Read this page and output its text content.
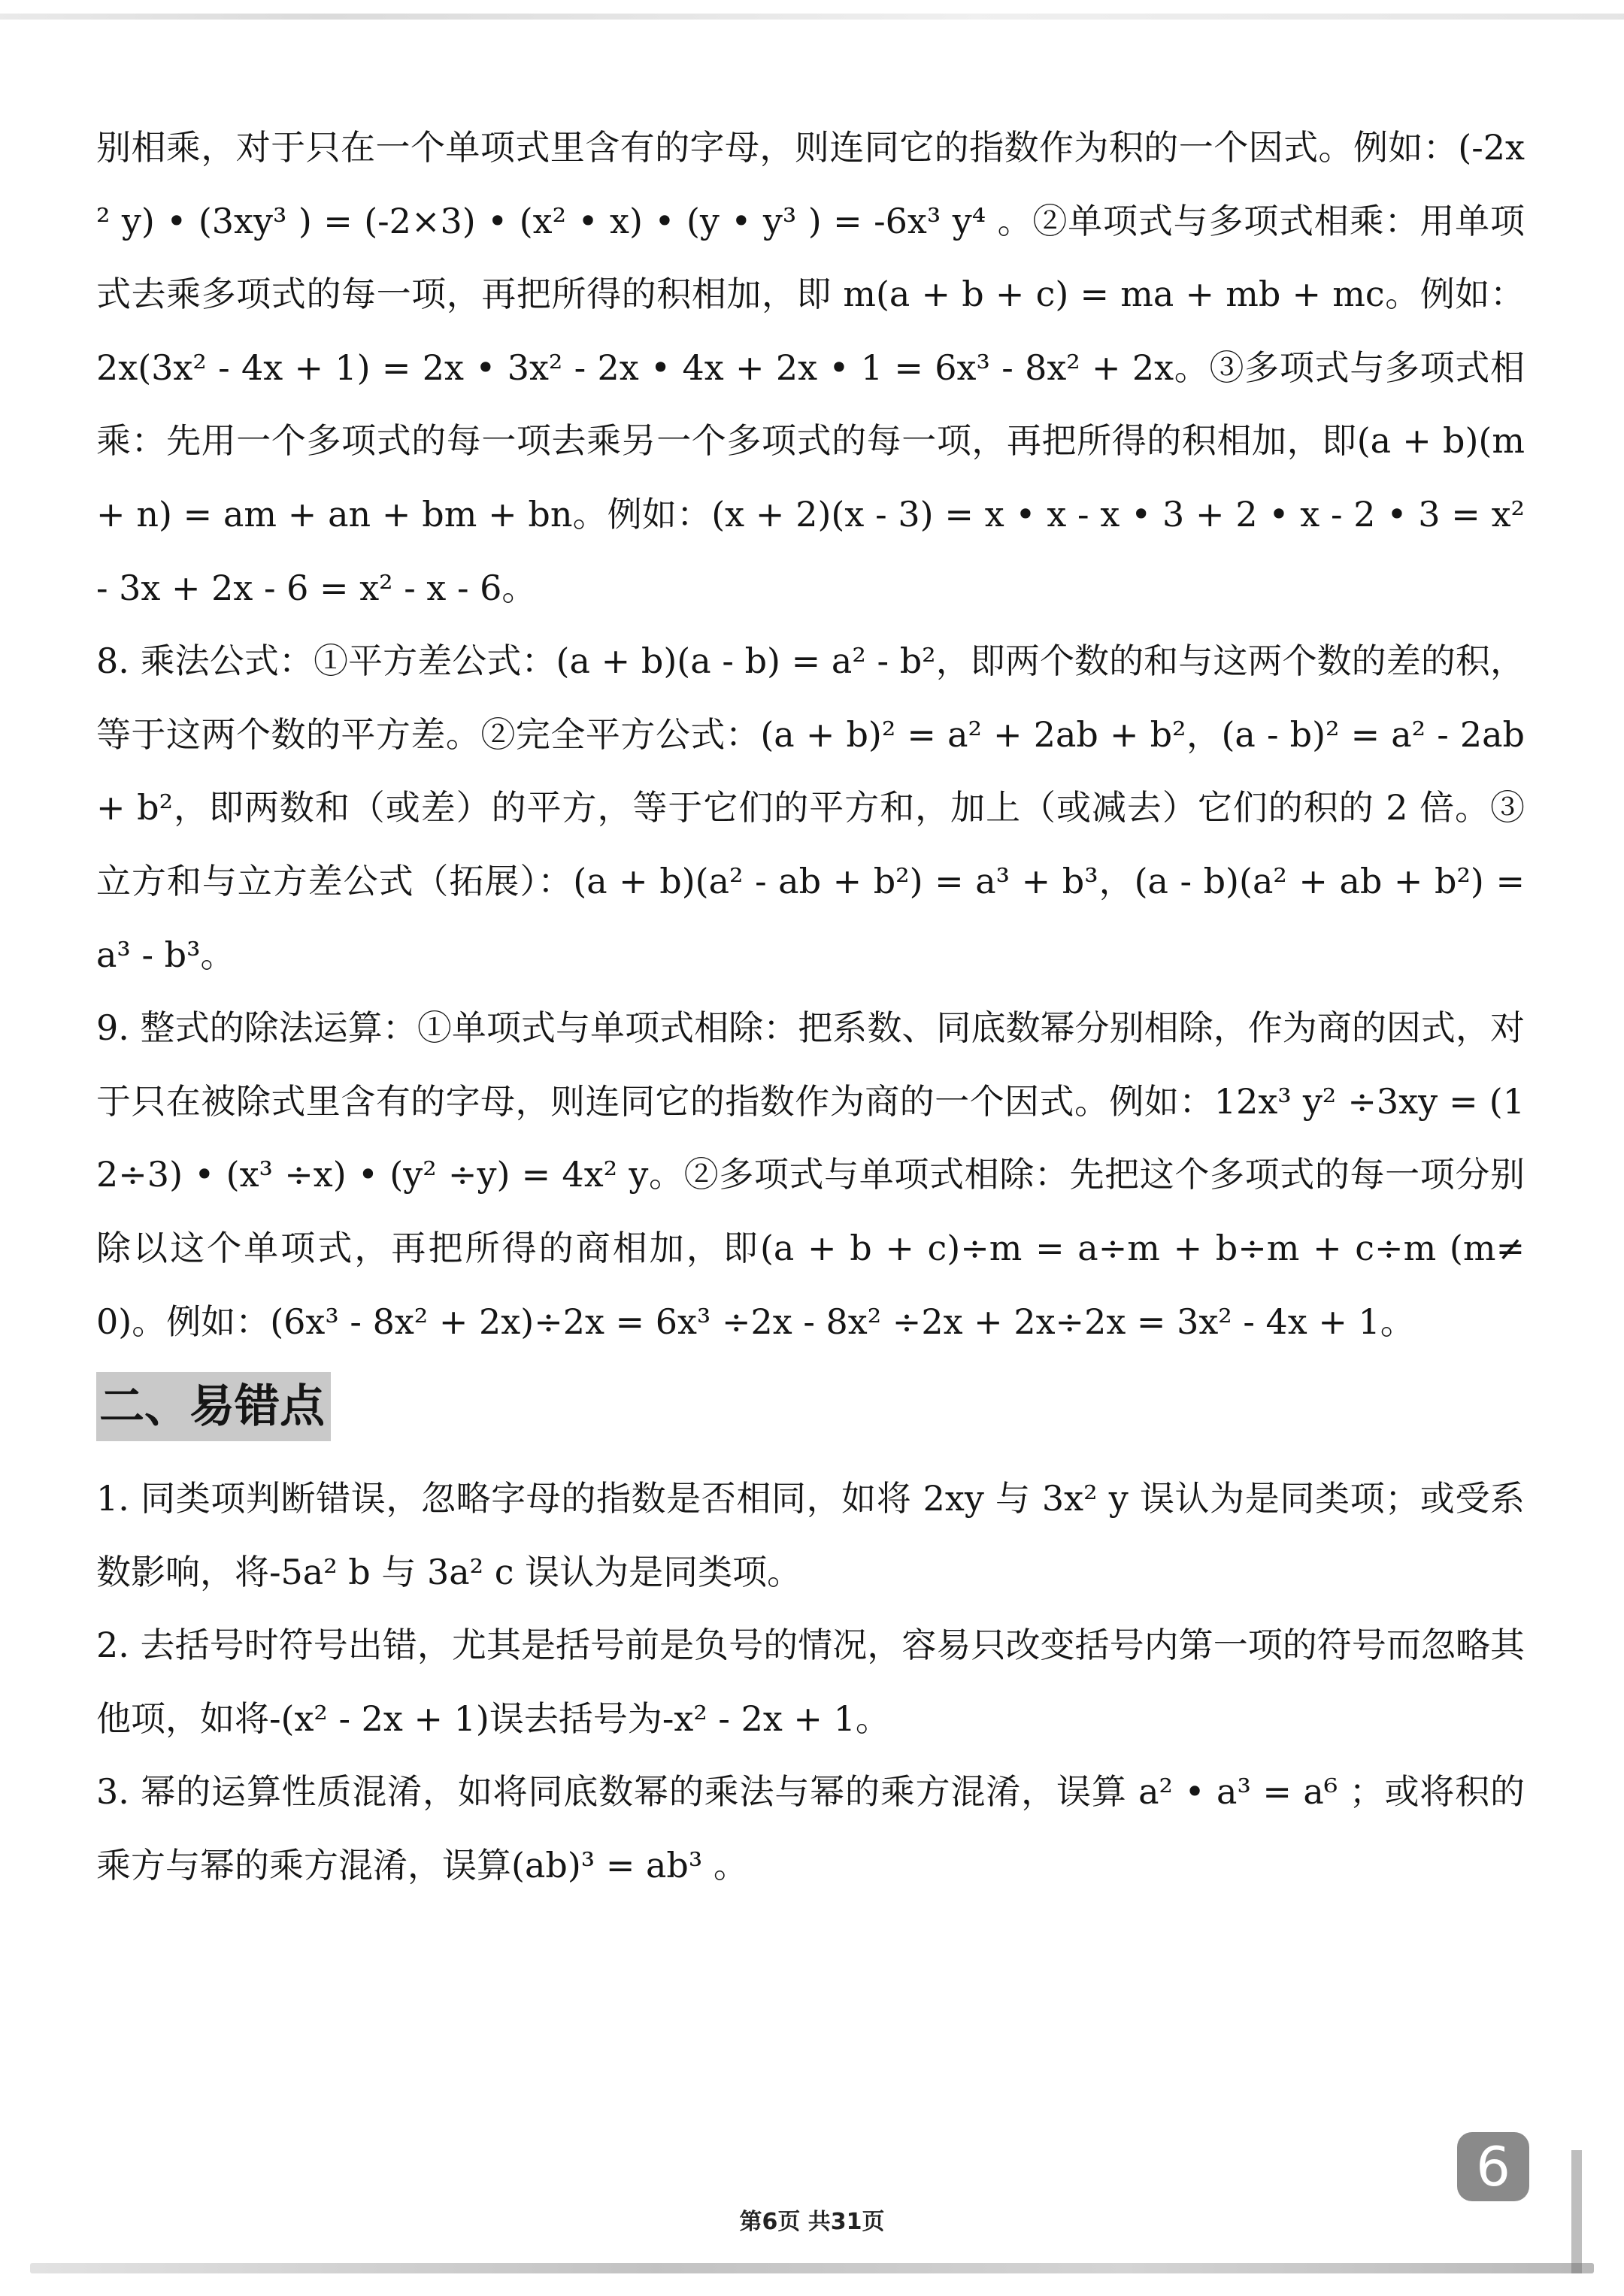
别相乘，对于只在一个单项式里含有的字母，则连同它的指数作为积的一个因式。例如：(-2x² y) • (3xy³ ) = (-2×3) • (x² • x) • (y • y³ ) = -6x³ y⁴ 。②单项式与多项式相乘：用单项式去乘多项式的每一项，再把所得的积相加，即 m(a + b + c) = ma + mb + mc。例如：2x(3x² - 4x + 1) = 2x • 3x² - 2x • 4x + 2x • 1 = 6x³ - 8x² + 2x。③多项式与多项式相乘：先用一个多项式的每一项去乘另一个多项式的每一项，再把所得的积相加，即(a + b)(m + n) = am + an + bm + bn。例如：(x + 2)(x - 3) = x • x - x • 3 + 2 • x - 2 • 3 = x² - 3x + 2x - 6 = x² - x - 6。

8. 乘法公式：①平方差公式：(a + b)(a - b) = a² - b²，即两个数的和与这两个数的差的积，等于这两个数的平方差。②完全平方公式：(a + b)² = a² + 2ab + b²，(a - b)² = a² - 2ab + b²，即两数和（或差）的平方，等于它们的平方和，加上（或减去）它们的积的 2 倍。③立方和与立方差公式（拓展）：(a + b)(a² - ab + b²) = a³ + b³，(a - b)(a² + ab + b²) = a³ - b³。

9. 整式的除法运算：①单项式与单项式相除：把系数、同底数幂分别相除，作为商的因式，对于只在被除式里含有的字母，则连同它的指数作为商的一个因式。例如：12x³ y² ÷3xy = (12÷3) • (x³ ÷x) • (y² ÷y) = 4x² y。②多项式与单项式相除：先把这个多项式的每一项分别除以这个单项式，再把所得的商相加，即(a + b + c)÷m = a÷m + b÷m + c÷m (m≠0)。例如：(6x³ - 8x² + 2x)÷2x = 6x³ ÷2x - 8x² ÷2x + 2x÷2x = 3x² - 4x + 1。

二、易错点

1. 同类项判断错误，忽略字母的指数是否相同，如将 2xy 与 3x² y 误认为是同类项；或受系数影响，将-5a² b 与 3a² c 误认为是同类项。

2. 去括号时符号出错，尤其是括号前是负号的情况，容易只改变括号内第一项的符号而忽略其他项，如将-(x² - 2x + 1)误去括号为-x² - 2x + 1。

3. 幂的运算性质混淆，如将同底数幂的乘法与幂的乘方混淆，误算 a² • a³ = a⁶ ；或将积的乘方与幂的乘方混淆，误算(ab)³ = ab³ 。

第6页 共31页
6
